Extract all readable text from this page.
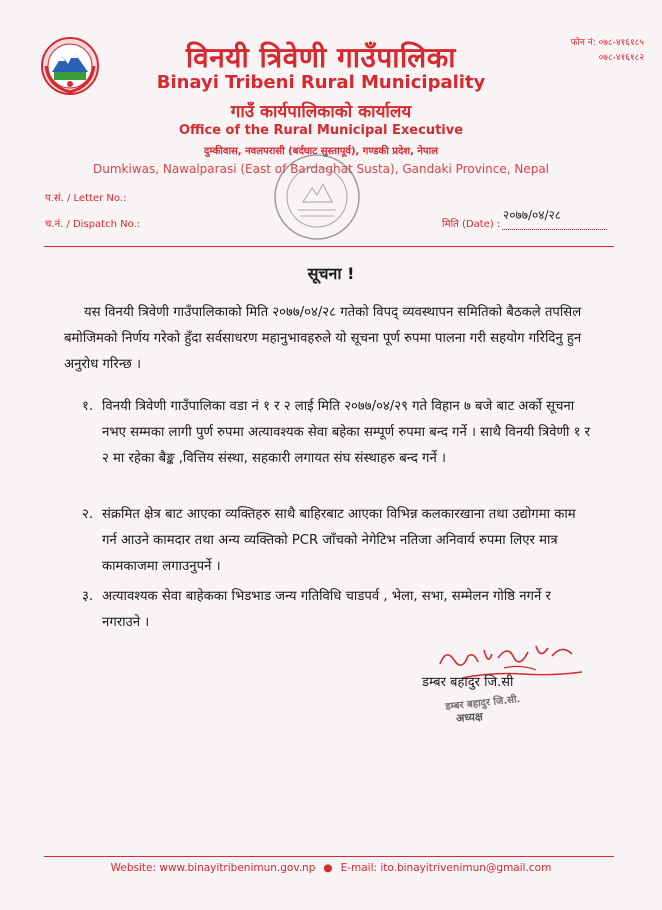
विनयी त्रिवेणी गाउँपालिका
Binayi Tribeni Rural Municipality
गाउँ कार्यपालिकाको कार्यालय
Office of the Rural Municipal Executive
दुम्कीवास, नवलपरासी (बर्दघाट सुस्तापूर्व), गण्डकी प्रदेश, नेपाल
Dumkiwas, Nawalparasi (East of Bardaghat Susta), Gandaki Province, Nepal
फोन नं: ०७८-४१६१८५
०७८-४१६१८२
प.सं. / Letter No.:
च.नं. / Dispatch No.:	मिति (Date) :
२०७७/०४/२८
सूचना !
यस विनयी त्रिवेणी गाउँपालिकाको मिति २०७७/०४/२८ गतेको विपद् व्यवस्थापन समितिको बैठकले तपसिल बमोजिमको निर्णय गरेको हुँदा सर्वसाधरण महानुभावहरुले यो सूचना पूर्ण रुपमा पालना गरी सहयोग गरिदिनु हुन अनुरोध गरिन्छ ।
१. विनयी त्रिवेणी गाउँपालिका वडा नं १ र २ लाई मिति २०७७/०४/२९ गते विहान ७ बजे बाट अर्को सूचना नभए सम्मका लागी पुर्ण रुपमा अत्यावश्यक सेवा बहेका सम्पूर्ण रुपमा बन्द गर्ने । साथै विनयी त्रिवेणी १ र २ मा रहेका बैङ्क ,वित्तिय संस्था, सहकारी लगायत संघ संस्थाहरु बन्द गर्ने ।
२. संक्रमित क्षेत्र बाट आएका व्यक्तिहरु साथै बाहिरबाट आएका विभिन्न कलकारखाना तथा उद्योगमा काम गर्न आउने कामदार तथा अन्य व्यक्तिको PCR जाँचको नेगेटिभ नतिजा अनिवार्य रुपमा लिएर मात्र कामकाजमा लगाउनुपर्ने ।
३. अत्यावश्यक सेवा बाहेकका भिडभाड जन्य गतिविधि चाडपर्व , भेला, सभा, सम्मेलन गोष्ठि नगर्ने र नगराउने ।
डम्बर बहादुर जि.सी
डम्बर बहादुर जि.सी.
अध्यक्ष
Website: www.binayitribenimun.gov.np ● E-mail: ito.binayitrivenimun@gmail.com
